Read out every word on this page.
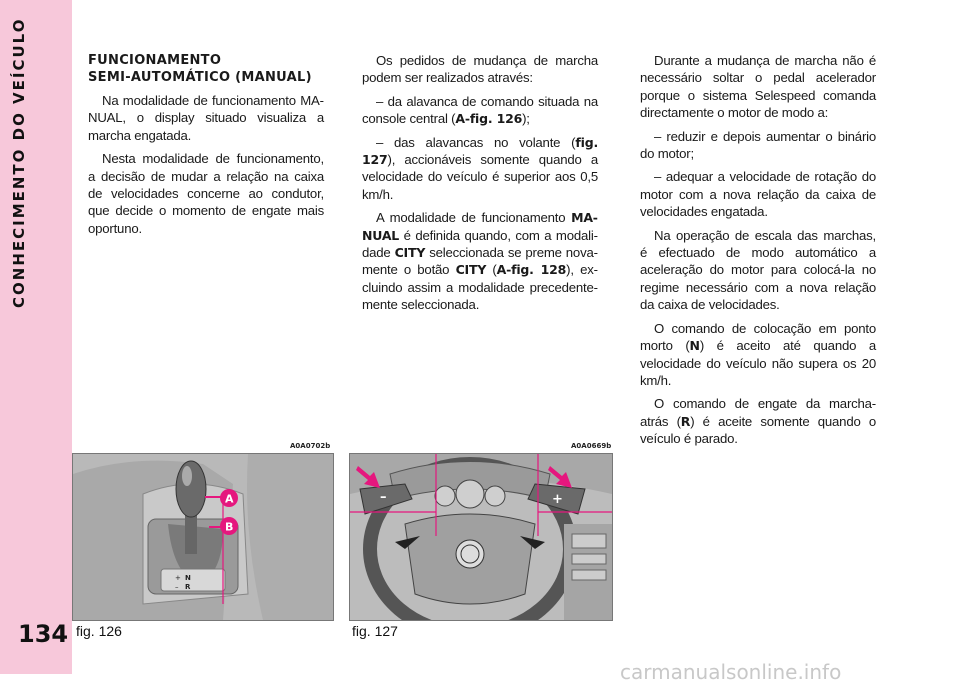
CONHECIMENTO DO VEÍCULO
134

FUNCIONAMENTO
SEMI-AUTOMÁTICO (MANUAL)

Na modalidade de funcionamento MANUAL, o display situado visualiza a marcha engatada.

Nesta modalidade de funcionamento, a decisão de mudar a relação na caixa de velocidades concerne ao condutor, que decide o momento de engate mais oportuno.

Os pedidos de mudança de marcha podem ser realizados através:

– da alavanca de comando situada na console central (A-fig. 126);

– das alavancas no volante (fig. 127), accionáveis somente quando a velocidade do veículo é superior aos 0,5 km/h.

A modalidade de funcionamento MANUAL é definida quando, com a modalidade CITY seleccionada se preme novamente o botão CITY (A-fig. 128), excluindo assim a modalidade precedentemente seleccionada.

Durante a mudança de marcha não é necessário soltar o pedal acelerador porque o sistema Selespeed comanda directamente o motor de modo a:

– reduzir e depois aumentar o binário do motor;

– adequar a velocidade de rotação do motor com a nova relação da caixa de velocidades engatada.

Na operação de escala das marchas, é efectuado de modo automático a aceleração do motor para colocá-la no regime necessário com a nova relação da caixa de velocidades.

O comando de colocação em ponto morto (N) é aceito até quando a velocidade do veículo não supera os 20 km/h.

O comando de engate da marcha-atrás (R) é aceite somente quando o veículo é parado.

A0A0702b
+ N
– R
A
B
fig. 126
A0A0669b
–	+
fig. 127
carmanualsonline.info
